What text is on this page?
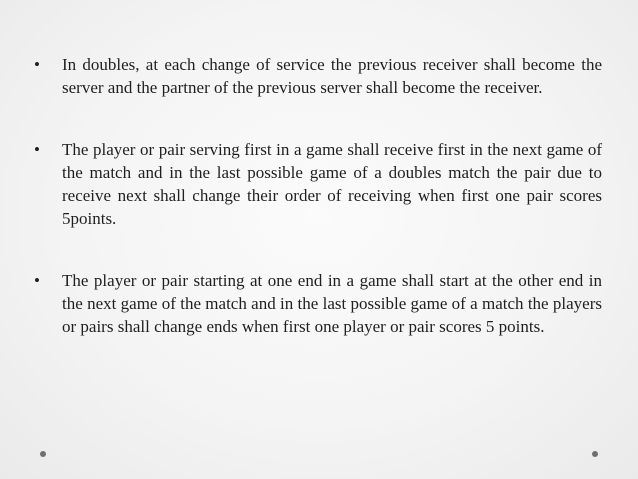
•	In doubles, at each change of service the previous receiver shall become the server and the partner of the previous server shall become the receiver.
•	The player or pair serving first in a game shall receive first in the next game of the match and in the last possible game of a doubles match the pair due to receive next shall change their order of receiving when first one pair scores 5points.
•	The player or pair starting at one end in a game shall start at the other end in the next game of the match and in the last possible game of a match the players or pairs shall change ends when first one player or pair scores 5 points.
